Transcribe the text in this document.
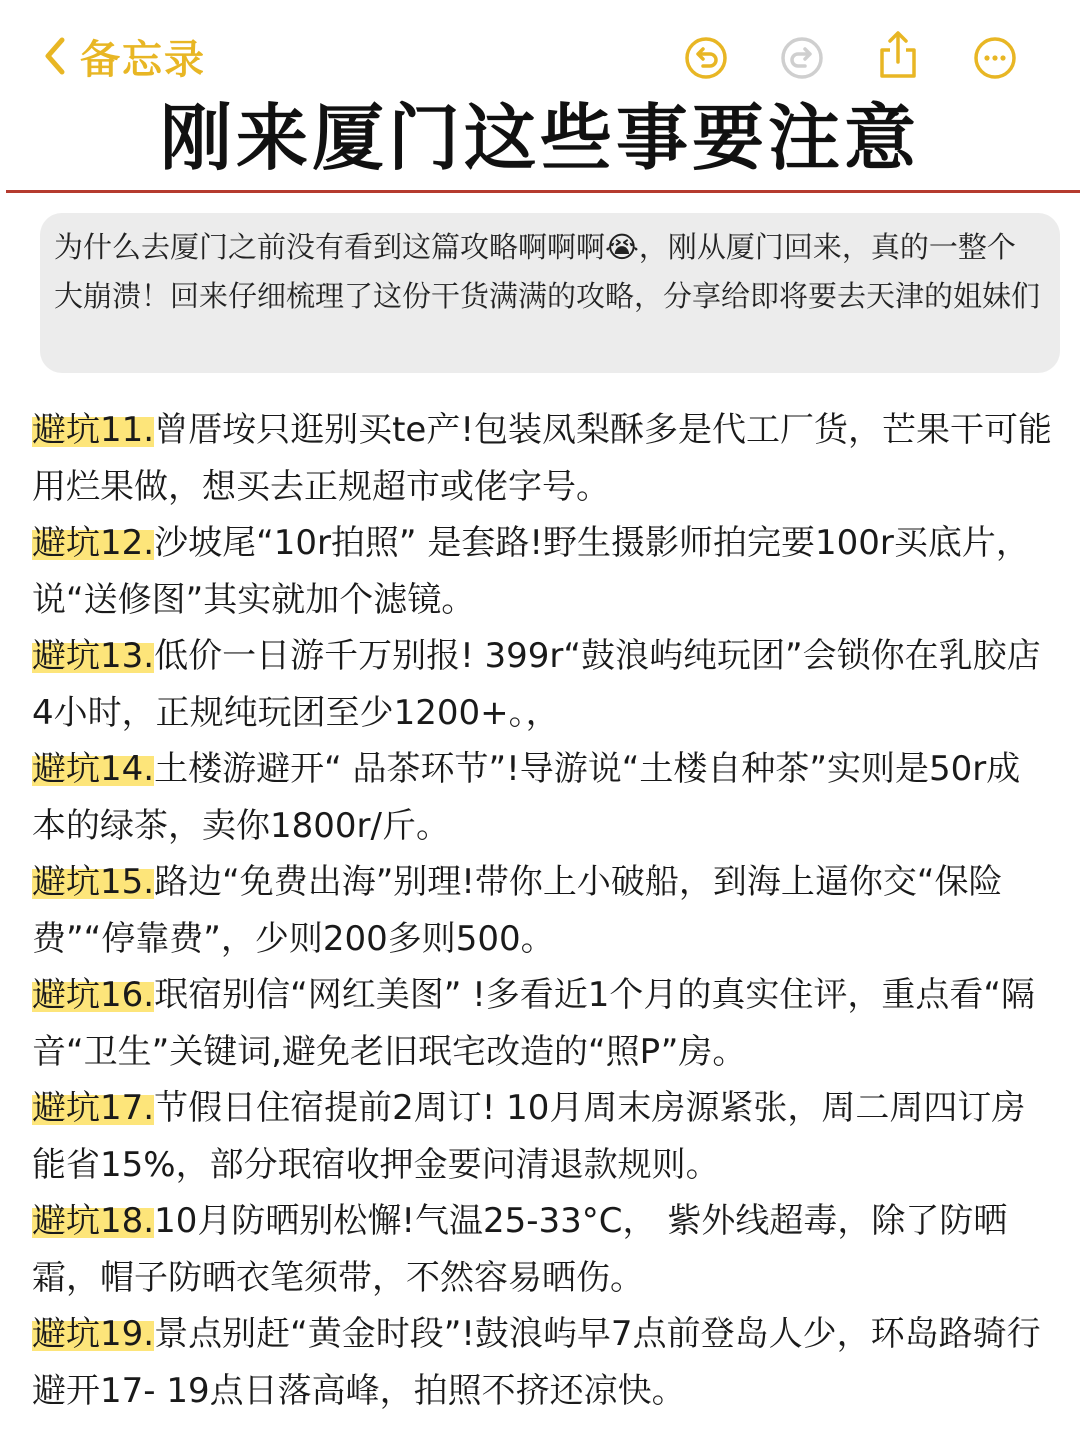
备忘录
刚来厦门这些事要注意
为什么去厦门之前没有看到这篇攻略啊啊啊😭，刚从厦门回来，真的一整个大崩溃！回来仔细梳理了这份干货满满的攻略，分享给即将要去天津的姐妹们

避坑11.曾厝垵只逛别买te产!包装凤梨酥多是代工厂货，芒果干可能用烂果做，想买去正规超市或佬字号。

避坑12.沙坡尾“10r拍照” 是套路!野生摄影师拍完要100r买底片，说“送修图”其实就加个滤镜。

避坑13.低价一日游千万别报! 399r“鼓浪屿纯玩团”会锁你在乳胶店4小时，正规纯玩团至少1200+。，

避坑14.土楼游避开“ 品茶环节”!导游说“土楼自种茶”实则是50r成本的绿茶，卖你1800r/斤。

避坑15.路边“免费出海”别理!带你上小破船，到海上逼你交“保险费”“停靠费”，少则200多则500。

避坑16.珉宿别信“网红美图” !多看近1个月的真实住评，重点看“隔音“卫生”关键词,避免老旧珉宅改造的“照P”房。

避坑17.节假日住宿提前2周订! 10月周末房源紧张，周二周四订房能省15%，部分珉宿收押金要问清退款规则。

避坑18.10月防晒别松懈!气温25-33°C， 紫外线超毒，除了防晒霜，帽子防晒衣笔须带，不然容易晒伤。

避坑19.景点别赶“黄金时段”!鼓浪屿早7点前登岛人少，环岛路骑行避开17- 19点日落高峰，拍照不挤还凉快。
